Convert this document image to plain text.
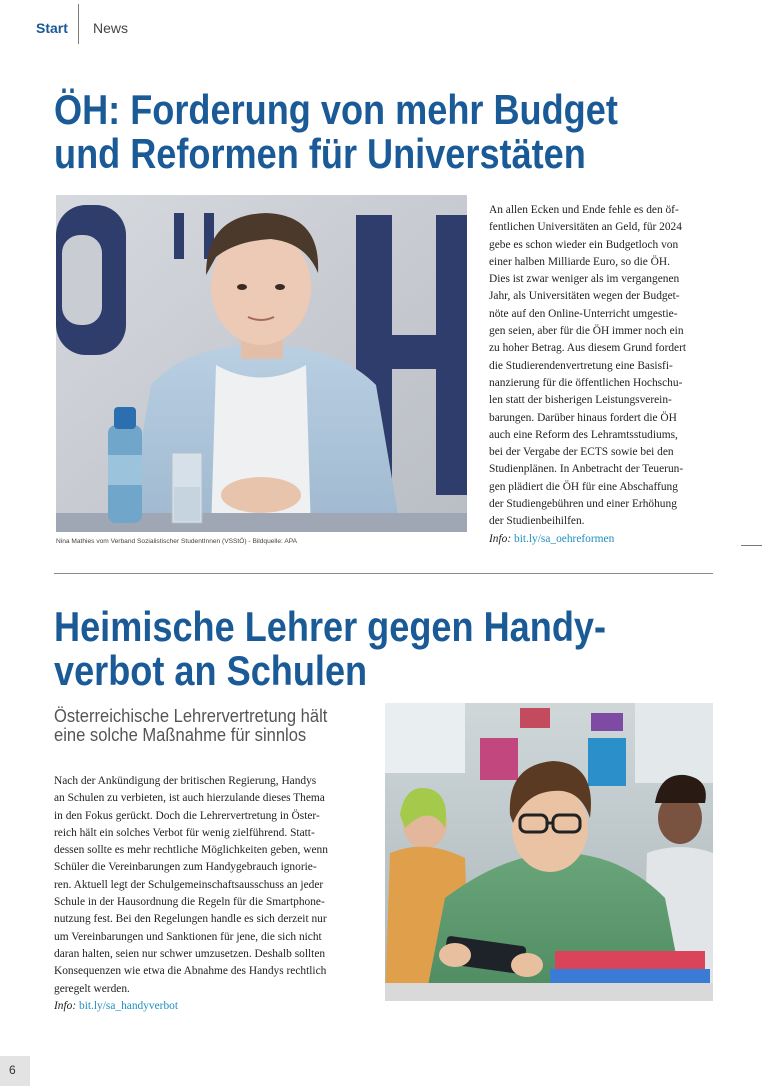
Start News
ÖH: Forderung von mehr Budget
und Reformen für Universtäten
Nina Mathies vom Verband Sozialistischer StudentInnen (VSStÖ) - Bildquelle: APA
An allen Ecken und Ende fehle es den öf-
fentlichen Universitäten an Geld, für 2024
gebe es schon wieder ein Budgetloch von
einer halben Milliarde Euro, so die ÖH.
Dies ist zwar weniger als im vergangenen
Jahr, als Universitäten wegen der Budget-
nöte auf den Online-Unterricht umgestie-
gen seien, aber für die ÖH immer noch ein
zu hoher Betrag. Aus diesem Grund fordert
die Studierendenvertretung eine Basisfi-
nanzierung für die öffentlichen Hochschu-
len statt der bisherigen Leistungsverein-
barungen. Darüber hinaus fordert die ÖH
auch eine Reform des Lehramtsstudiums,
bei der Vergabe der ECTS sowie bei den
Studienplänen. In Anbetracht der Teuerun-
gen plädiert die ÖH für eine Abschaffung
der Studiengebühren und einer Erhöhung
der Studienbeihilfen.
Info: bit.ly/sa_oehreformen
Heimische Lehrer gegen Handy-
verbot an Schulen
Österreichische Lehrervertretung hält
eine solche Maßnahme für sinnlos
Nach der Ankündigung der britischen Regierung, Handys
an Schulen zu verbieten, ist auch hierzulande dieses Thema
in den Fokus gerückt. Doch die Lehrervertretung in Öster-
reich hält ein solches Verbot für wenig zielführend. Statt-
dessen sollte es mehr rechtliche Möglichkeiten geben, wenn
Schüler die Vereinbarungen zum Handygebrauch ignorie-
ren. Aktuell legt der Schulgemeinschaftsausschuss an jeder
Schule in der Hausordnung die Regeln für die Smartphone-
nutzung fest. Bei den Regelungen handle es sich derzeit nur
um Vereinbarungen und Sanktionen für jene, die sich nicht
daran halten, seien nur schwer umzusetzen. Deshalb sollten
Konsequenzen wie etwa die Abnahme des Handys rechtlich
geregelt werden.
Info: bit.ly/sa_handyverbot
6
